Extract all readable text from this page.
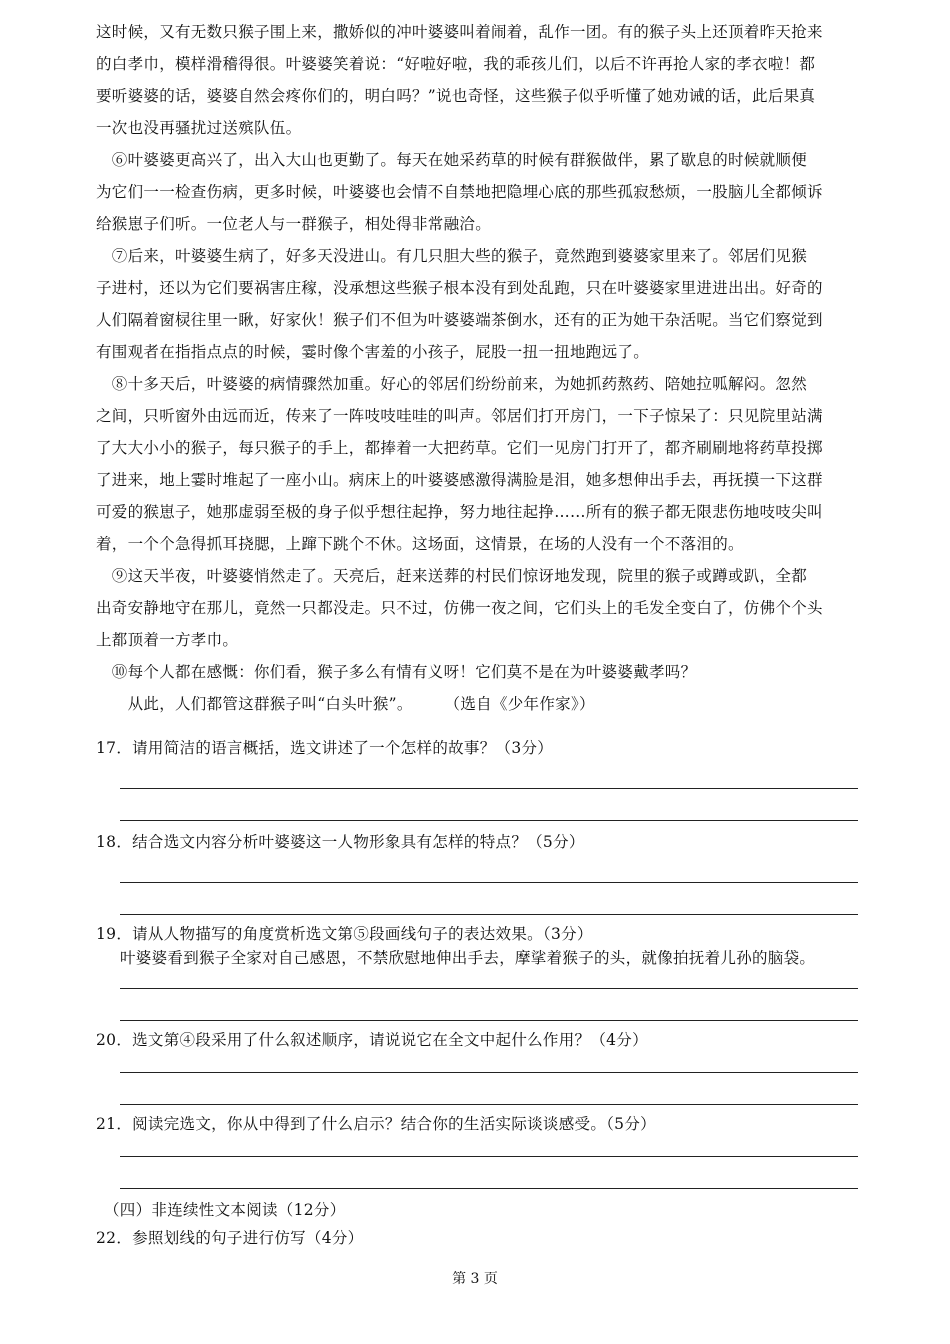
这时候，又有无数只猴子围上来，撒娇似的冲叶婆婆叫着闹着，乱作一团。有的猴子头上还顶着昨天抢来
的白孝巾，模样滑稽得很。叶婆婆笑着说：“好啦好啦，我的乖孩儿们，以后不许再抢人家的孝衣啦！都
要听婆婆的话，婆婆自然会疼你们的，明白吗？”说也奇怪，这些猴子似乎听懂了她劝诫的话，此后果真
一次也没再骚扰过送殡队伍。
　⑥叶婆婆更高兴了，出入大山也更勤了。每天在她采药草的时候有群猴做伴，累了歇息的时候就顺便
为它们一一检查伤病，更多时候，叶婆婆也会情不自禁地把隐埋心底的那些孤寂愁烦，一股脑儿全都倾诉
给猴崽子们听。一位老人与一群猴子，相处得非常融洽。
　⑦后来，叶婆婆生病了，好多天没进山。有几只胆大些的猴子，竟然跑到婆婆家里来了。邻居们见猴
子进村，还以为它们要祸害庄稼，没承想这些猴子根本没有到处乱跑，只在叶婆婆家里进进出出。好奇的
人们隔着窗棂往里一瞅，好家伙！猴子们不但为叶婆婆端茶倒水，还有的正为她干杂活呢。当它们察觉到
有围观者在指指点点的时候，霎时像个害羞的小孩子，屁股一扭一扭地跑远了。
　⑧十多天后，叶婆婆的病情骤然加重。好心的邻居们纷纷前来，为她抓药熬药、陪她拉呱解闷。忽然
之间，只听窗外由远而近，传来了一阵吱吱哇哇的叫声。邻居们打开房门，一下子惊呆了：只见院里站满
了大大小小的猴子，每只猴子的手上，都捧着一大把药草。它们一见房门打开了，都齐刷刷地将药草投掷
了进来，地上霎时堆起了一座小山。病床上的叶婆婆感激得满脸是泪，她多想伸出手去，再抚摸一下这群
可爱的猴崽子，她那虚弱至极的身子似乎想往起挣，努力地往起挣……所有的猴子都无限悲伤地吱吱尖叫
着，一个个急得抓耳挠腮，上蹿下跳个不休。这场面，这情景，在场的人没有一个不落泪的。
　⑨这天半夜，叶婆婆悄然走了。天亮后，赶来送葬的村民们惊讶地发现，院里的猴子或蹲或趴，全都
出奇安静地守在那儿，竟然一只都没走。只不过，仿佛一夜之间，它们头上的毛发全变白了，仿佛个个头
上都顶着一方孝巾。
　⑩每个人都在感慨：你们看，猴子多么有情有义呀！它们莫不是在为叶婆婆戴孝吗？
　　从此，人们都管这群猴子叫“白头叶猴”。　　　（选自《少年作家》）
17．请用简洁的语言概括，选文讲述了一个怎样的故事？（3分）
18．结合选文内容分析叶婆婆这一人物形象具有怎样的特点？（5分）
19．请从人物描写的角度赏析选文第⑤段画线句子的表达效果。（3分）
叶婆婆看到猴子全家对自己感恩，不禁欣慰地伸出手去，摩挲着猴子的头，就像拍抚着儿孙的脑袋。
20．选文第④段采用了什么叙述顺序，请说说它在全文中起什么作用？（4分）
21．阅读完选文，你从中得到了什么启示？结合你的生活实际谈谈感受。（5分）
（四）非连续性文本阅读（12分）
22．参照划线的句子进行仿写（4分）
第 3 页
